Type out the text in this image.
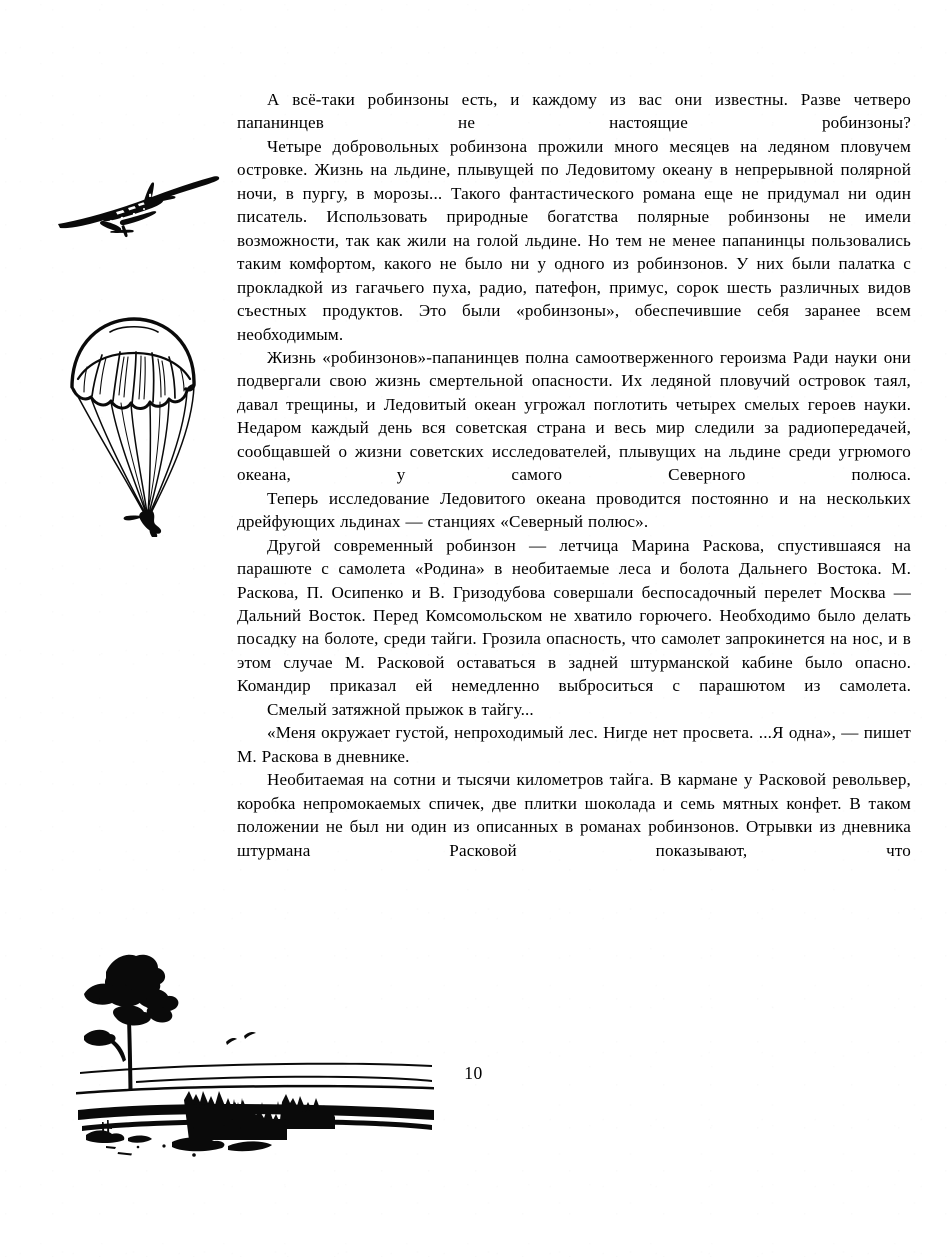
А всё-таки робинзоны есть, и каждому из вас они известны. Разве четверо папанинцев не настоящие робинзоны?

Четыре добровольных робинзона прожили много месяцев на ледяном пловучем островке. Жизнь на льдине, плывущей по Ледовитому океану в непрерывной полярной ночи, в пургу, в морозы... Такого фантастического романа еще не придумал ни один писатель. Использовать природные богатства полярные робинзоны не имели возможности, так как жили на голой льдине. Но тем не менее папанинцы пользовались таким комфортом, какого не было ни у одного из робинзонов. У них были палатка с прокладкой из гагачьего пуха, радио, патефон, примус, сорок шесть различных видов съестных продуктов. Это были «робинзоны», обеспечившие себя заранее всем необходимым.

Жизнь «робинзонов»-папанинцев полна самоотверженного героизма Ради науки они подвергали свою жизнь смертельной опасности. Их ледяной пловучий островок таял, давал трещины, и Ледовитый океан угрожал поглотить четырех смелых героев науки. Недаром каждый день вся советская страна и весь мир следили за радиопередачей, сообщавшей о жизни советских исследователей, плывущих на льдине среди угрюмого океана, у самого Северного полюса.

Теперь исследование Ледовитого океана проводится постоянно и на нескольких дрейфующих льдинах — станциях «Северный полюс».

Другой современный робинзон — летчица Марина Раскова, спустившаяся на парашюте с самолета «Родина» в необитаемые леса и болота Дальнего Востока. М. Раскова, П. Осипенко и В. Гризодубова совершали беспосадочный перелет Москва — Дальний Восток. Перед Комсомольском не хватило горючего. Необходимо было делать посадку на болоте, среди тайги. Грозила опасность, что самолет запрокинется на нос, и в этом случае М. Расковой оставаться в задней штурманской кабине было опасно. Командир приказал ей немедленно выброситься с парашютом из самолета.

Смелый затяжной прыжок в тайгу...

«Меня окружает густой, непроходимый лес. Нигде нет просвета. ...Я одна», — пишет М. Раскова в дневнике.

Необитаемая на сотни и тысячи километров тайга. В кармане у Расковой револьвер, коробка непромокаемых спичек, две плитки шоколада и семь мятных конфет. В таком положении не был ни один из описанных в романах робинзонов. Отрывки из дневника штурмана Расковой показывают, что

10
